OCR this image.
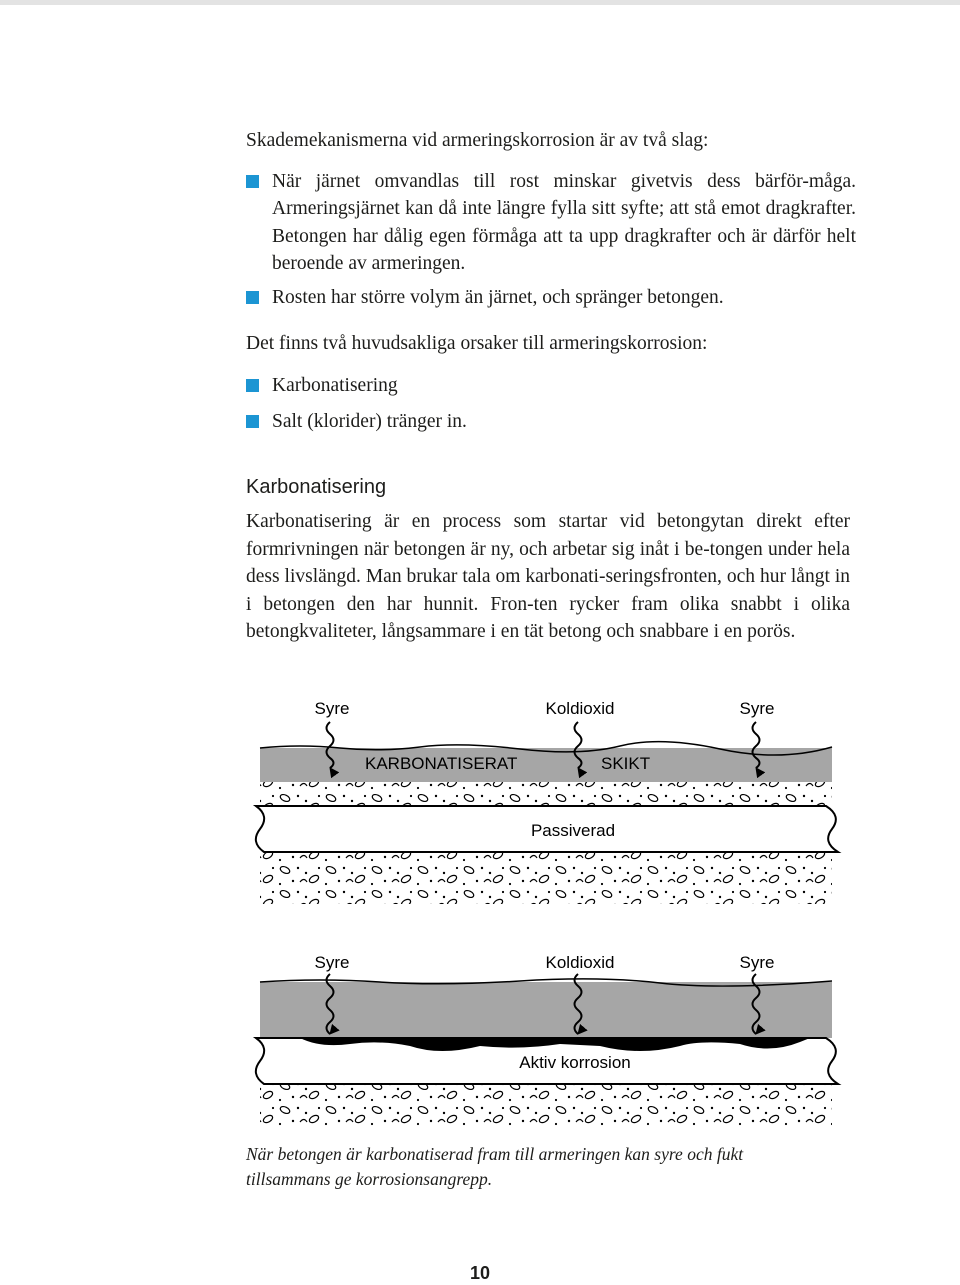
Skademekanismerna vid armeringskorrosion är av två slag:

När järnet omvandlas till rost minskar givetvis dess bärför-måga. Armeringsjärnet kan då inte längre fylla sitt syfte; att stå emot dragkrafter. Betongen har dålig egen förmåga att ta upp dragkrafter och är därför helt beroende av armeringen.
Rosten har större volym än järnet, och spränger betongen.

Det finns två huvudsakliga orsaker till armeringskorrosion:

Karbonatisering
Salt (klorider) tränger in.
Karbonatisering

Karbonatisering är en process som startar vid betongytan direkt efter formrivningen när betongen är ny, och arbetar sig inåt i be-tongen under hela dess livslängd. Man brukar tala om karbonati-seringsfronten, och hur långt in i betongen den har hunnit. Fron-ten rycker fram olika snabbt i olika betongkvaliteter, långsammare i en tät betong och snabbare i en porös.

Syre	Koldioxid	Syre
KARBONATISERAT	SKIKT
Passiverad
Syre	Koldioxid	Syre
Aktiv korrosion
När betongen är karbonatiserad fram till armeringen kan syre och fukt tillsammans ge korrosionsangrepp.
10
